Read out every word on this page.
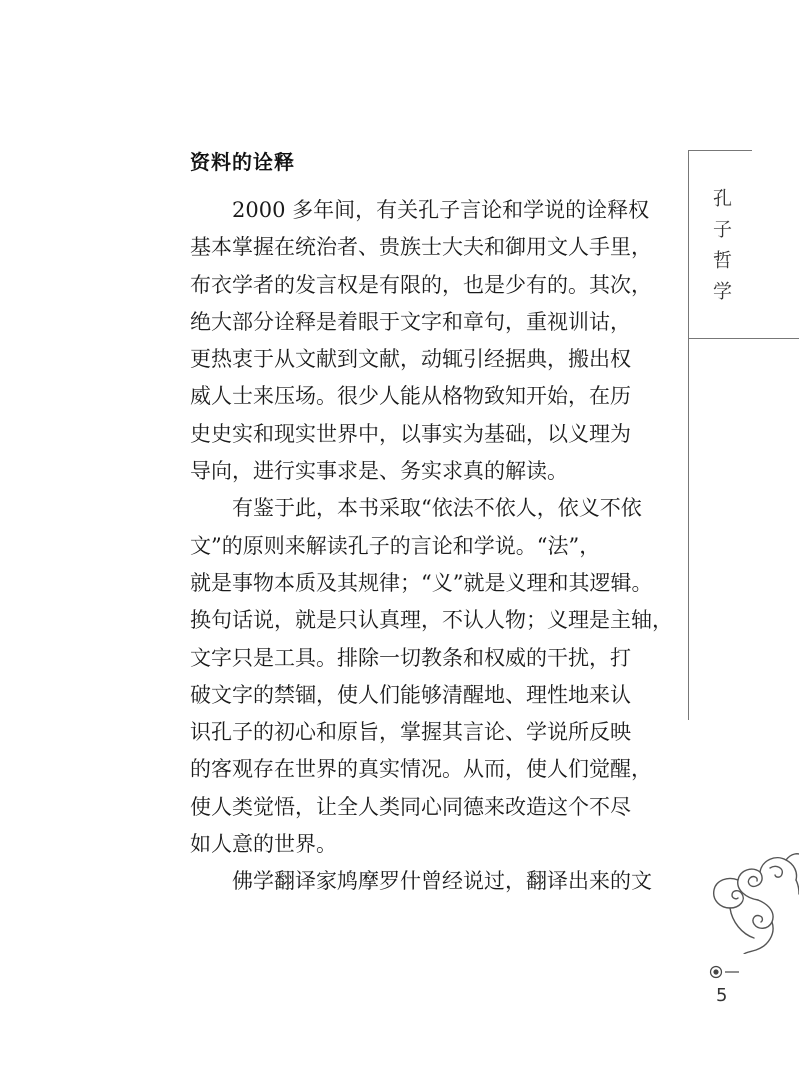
资料的诠释
　　2000 多年间，有关孔子言论和学说的诠释权
基本掌握在统治者、贵族士大夫和御用文人手里，
布衣学者的发言权是有限的，也是少有的。其次，
绝大部分诠释是着眼于文字和章句，重视训诂，
更热衷于从文献到文献，动辄引经据典，搬出权
威人士来压场。很少人能从格物致知开始，在历
史史实和现实世界中，以事实为基础，以义理为
导向，进行实事求是、务实求真的解读。
　　有鉴于此，本书采取“依法不依人，依义不依
文”的原则来解读孔子的言论和学说。“法”，
就是事物本质及其规律；“义”就是义理和其逻辑。
换句话说，就是只认真理，不认人物；义理是主轴，
文字只是工具。排除一切教条和权威的干扰，打
破文字的禁锢，使人们能够清醒地、理性地来认
识孔子的初心和原旨，掌握其言论、学说所反映
的客观存在世界的真实情况。从而，使人们觉醒，
使人类觉悟，让全人类同心同德来改造这个不尽
如人意的世界。
　　佛学翻译家鸠摩罗什曾经说过，翻译出来的文
孔子哲学
5
